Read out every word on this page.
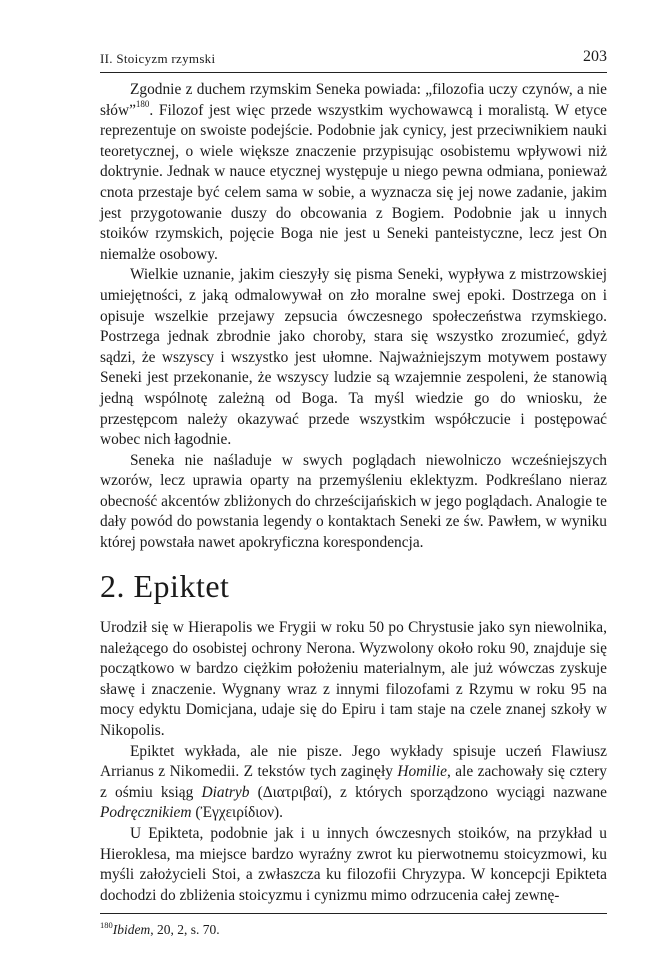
II. Stoicyzm rzymski	203

Zgodnie z duchem rzymskim Seneka powiada: „filozofia uczy czynów, a nie słów”$^{180}$. Filozof jest więc przede wszystkim wychowawcą i moralistą. W etyce reprezentuje on swoiste podejście. Podobnie jak cynicy, jest przeciwnikiem nauki teoretycznej, o wiele większe znaczenie przypisując osobistemu wpływowi niż doktrynie. Jednak w nauce etycznej występuje u niego pewna odmiana, ponieważ cnota przestaje być celem sama w sobie, a wyznacza się jej nowe zadanie, jakim jest przygotowanie duszy do obcowania z Bogiem. Podobnie jak u innych stoików rzymskich, pojęcie Boga nie jest u Seneki panteistyczne, lecz jest On niemalże osobowy.

Wielkie uznanie, jakim cieszyły się pisma Seneki, wypływa z mistrzowskiej umiejętności, z jaką odmalowywał on zło moralne swej epoki. Dostrzega on i opisuje wszelkie przejawy zepsucia ówczesnego społeczeństwa rzymskiego. Postrzega jednak zbrodnie jako choroby, stara się wszystko zrozumieć, gdyż sądzi, że wszyscy i wszystko jest ułomne. Najważniejszym motywem postawy Seneki jest przekonanie, że wszyscy ludzie są wzajemnie zespoleni, że stanowią jedną wspólnotę zależną od Boga. Ta myśl wiedzie go do wniosku, że przestępcom należy okazywać przede wszystkim współczucie i postępować wobec nich łagodnie.

Seneka nie naśladuje w swych poglądach niewolniczo wcześniejszych wzorów, lecz uprawia oparty na przemyśleniu eklektyzm. Podkreślano nieraz obecność akcentów zbliżonych do chrześcijańskich w jego poglądach. Analogie te dały powód do powstania legendy o kontaktach Seneki ze św. Pawłem, w wyniku której powstała nawet apokryficzna korespondencja.

2. Epiktet

Urodził się w Hierapolis we Frygii w roku 50 po Chrystusie jako syn niewolnika, należącego do osobistej ochrony Nerona. Wyzwolony około roku 90, znajduje się początkowo w bardzo ciężkim położeniu materialnym, ale już wówczas zyskuje sławę i znaczenie. Wygnany wraz z innymi filozofami z Rzymu w roku 95 na mocy edyktu Domicjana, udaje się do Epiru i tam staje na czele znanej szkoły w Nikopolis.

Epiktet wykłada, ale nie pisze. Jego wykłady spisuje uczeń Flawiusz Arrianus z Nikomedii. Z tekstów tych zaginęły Homilie, ale zachowały się cztery z ośmiu ksiąg Diatryb (Διατριβαί), z których sporządzono wyciągi nazwane Podręcznikiem (Ἐγχειρίδιον).

U Epikteta, podobnie jak i u innych ówczesnych stoików, na przykład u Hieroklesa, ma miejsce bardzo wyraźny zwrot ku pierwotnemu stoicyzmowi, ku myśli założycieli Stoi, a zwłaszcza ku filozofii Chryzypa. W koncepcji Epikteta dochodzi do zbliżenia stoicyzmu i cynizmu mimo odrzucenia całej zewnę-

$^{180}$Ibidem, 20, 2, s. 70.
